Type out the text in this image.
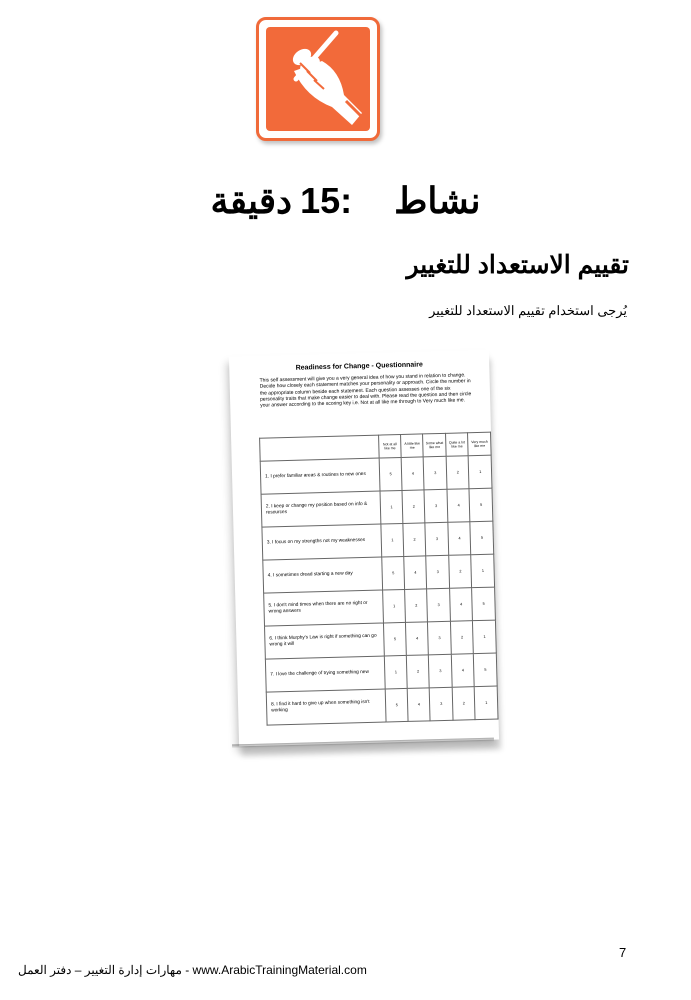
نشاط:15دقيقة
تقييم الاستعداد للتغيير
يُرجى استخدام تقييم الاستعداد للتغيير
Readiness for Change - Questionnaire
This self assessment will give you a very general idea of how you stand in relation to change. Decide how closely each statement matches your personality or approach. Circle the number in the appropriate column beside each statement. Each question assesses one of the six personality traits that make change easier to deal with. Please read the question and then circle your answer according to the scoring key i.e. Not at all like me through to Very much like me.
	Not at all like me	A little like me	Some what like me	Quite a lot like me	Very much like me
1. I prefer familiar areas & routines to new ones	5	4	3	2	1
2. I keep or change my position based on info & resources	1	2	3	4	5
3. I focus on my strengths not my weaknesses	1	2	3	4	5
4. I sometimes dread starting a new day	5	4	3	2	1
5. I don't mind times when there are no right or wrong answers	1	2	3	4	5
6. I think Murphy's Law is right if something can go wrong it will	5	4	3	2	1
7. I love the challenge of trying something new	1	2	3	4	5
8. I find it hard to give up when something isn't working	5	4	3	2	1
7
مهارات إدارة التغيير – دفتر العمل - www.ArabicTrainingMaterial.com
